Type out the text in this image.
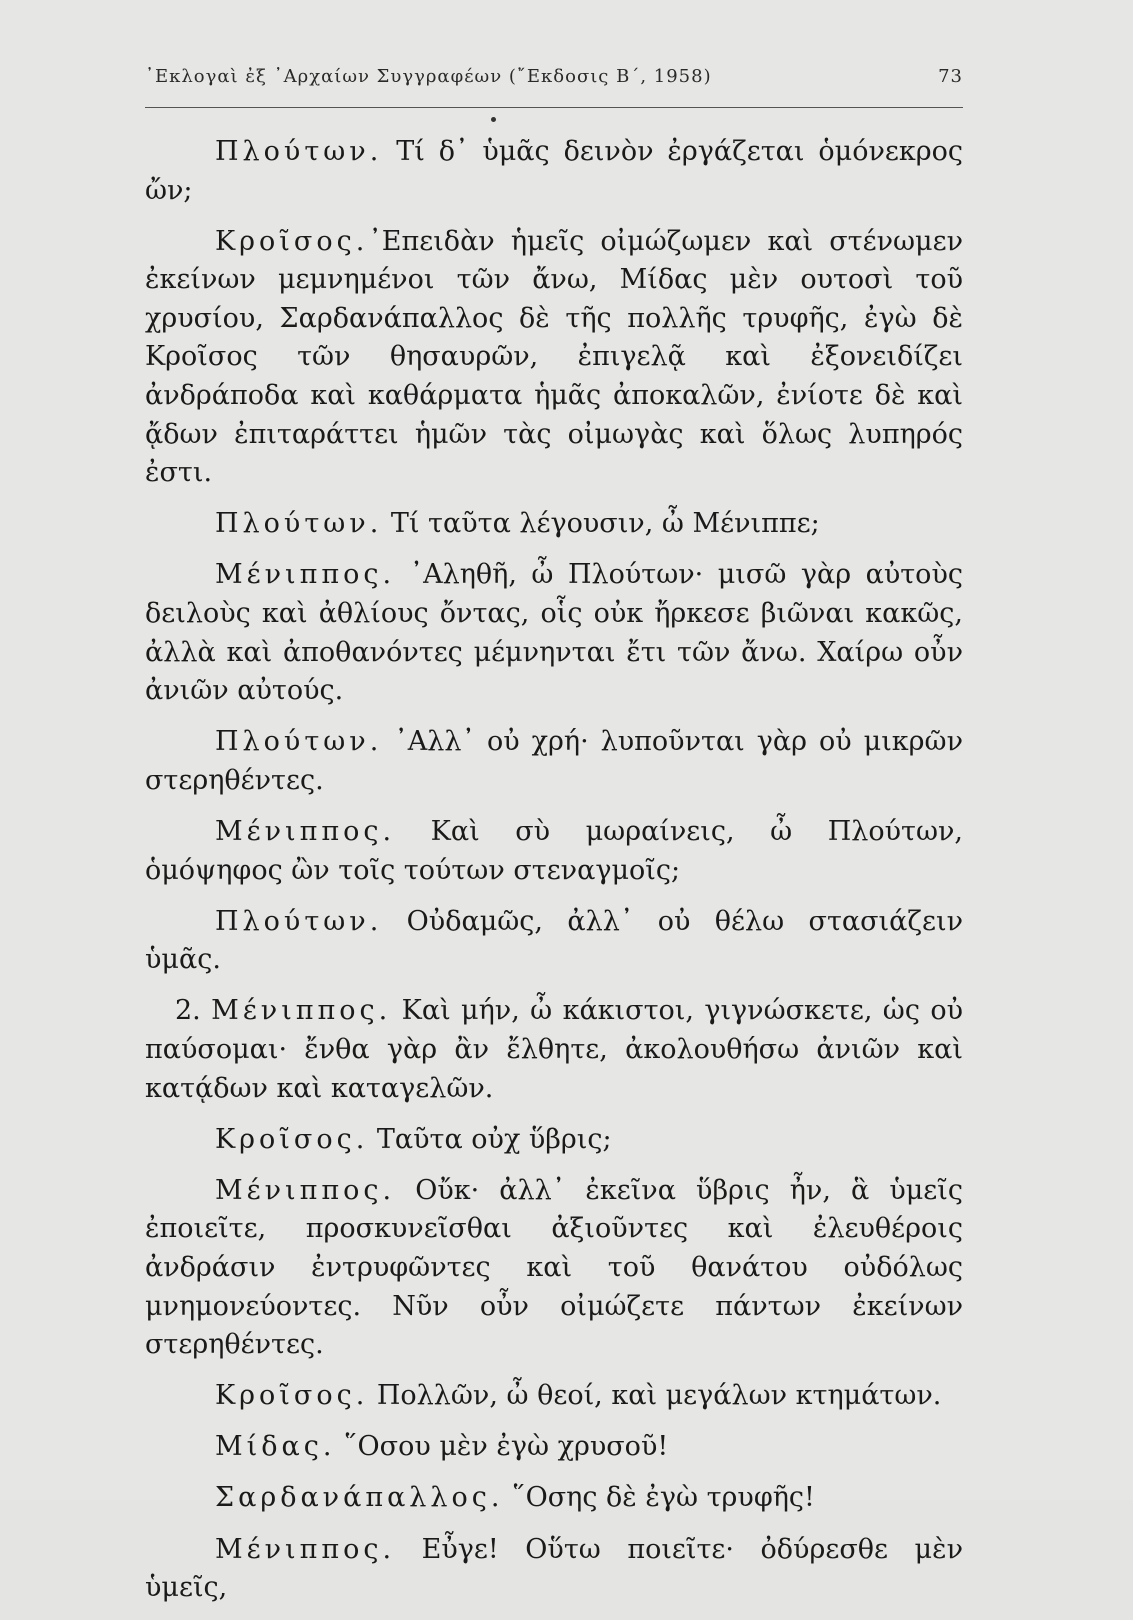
᾿Εκλογαὶ ἐξ ᾿Αρχαίων Συγγραφέων (῎Εκδοσις Β΄, 1958)	73

Πλούτων. Τί δ᾿ ὑμᾶς δεινὸν ἐργάζεται ὁμόνεκρος ὤν;

Κροῖσος.᾿Επειδὰν ἡμεῖς οἰμώζωμεν καὶ στένωμεν ἐκείνων μεμνημένοι τῶν ἄνω, Μίδας μὲν ουτοσὶ τοῦ χρυσίου, Σαρδανάπαλλος δὲ τῆς πολλῆς τρυφῆς, ἐγὼ δὲ Κροῖσος τῶν θησαυρῶν, ἐπιγελᾷ καὶ ἐξονειδίζει ἀνδράποδα καὶ καθάρματα ἡμᾶς ἀποκαλῶν, ἐνίοτε δὲ καὶ ᾄδων ἐπιταράττει ἡμῶν τὰς οἰμωγὰς καὶ ὅλως λυπηρός ἐστι.

Πλούτων. Τί ταῦτα λέγουσιν, ὦ Μένιππε;

Μένιππος. ᾿Αληθῆ, ὦ Πλούτων· μισῶ γὰρ αὐτοὺς δειλοὺς καὶ ἀθλίους ὄντας, οἷς οὐκ ἤρκεσε βιῶναι κακῶς, ἀλλὰ καὶ ἀποθανόντες μέμνηνται ἔτι τῶν ἄνω. Χαίρω οὖν ἀνιῶν αὐτούς.

Πλούτων. ᾿Αλλ᾿ οὐ χρή· λυποῦνται γὰρ οὐ μικρῶν στερηθέντες.

Μένιππος. Καὶ σὺ μωραίνεις, ὦ Πλούτων, ὁμόψηφος ὢν τοῖς τούτων στεναγμοῖς;

Πλούτων. Οὐδαμῶς, ἀλλ᾿ οὐ θέλω στασιάζειν ὑμᾶς.

2. Μένιππος. Καὶ μήν, ὦ κάκιστοι, γιγνώσκετε, ὡς οὐ παύσομαι· ἔνθα γὰρ ἂν ἔλθητε, ἀκολουθήσω ἀνιῶν καὶ κατᾴδων καὶ καταγελῶν.

Κροῖσος. Ταῦτα οὐχ ὕβρις;

Μένιππος. Οὔκ· ἀλλ᾿ ἐκεῖνα ὕβρις ἦν, ἃ ὑμεῖς ἐποιεῖτε, προσκυνεῖσθαι ἀξιοῦντες καὶ ἐλευθέροις ἀνδράσιν ἐντρυφῶντες καὶ τοῦ θανάτου οὐδόλως μνημονεύοντες. Νῦν οὖν οἰμώζετε πάντων ἐκείνων στερηθέντες.

Κροῖσος. Πολλῶν, ὦ θεοί, καὶ μεγάλων κτημάτων.

Μίδας. ῞Οσου μὲν ἐγὼ χρυσοῦ!

Σαρδανάπαλλος. ῞Οσης δὲ ἐγὼ τρυφῆς!

Μένιππος. Εὖγε! Οὕτω ποιεῖτε· ὀδύρεσθε μὲν ὑμεῖς,
